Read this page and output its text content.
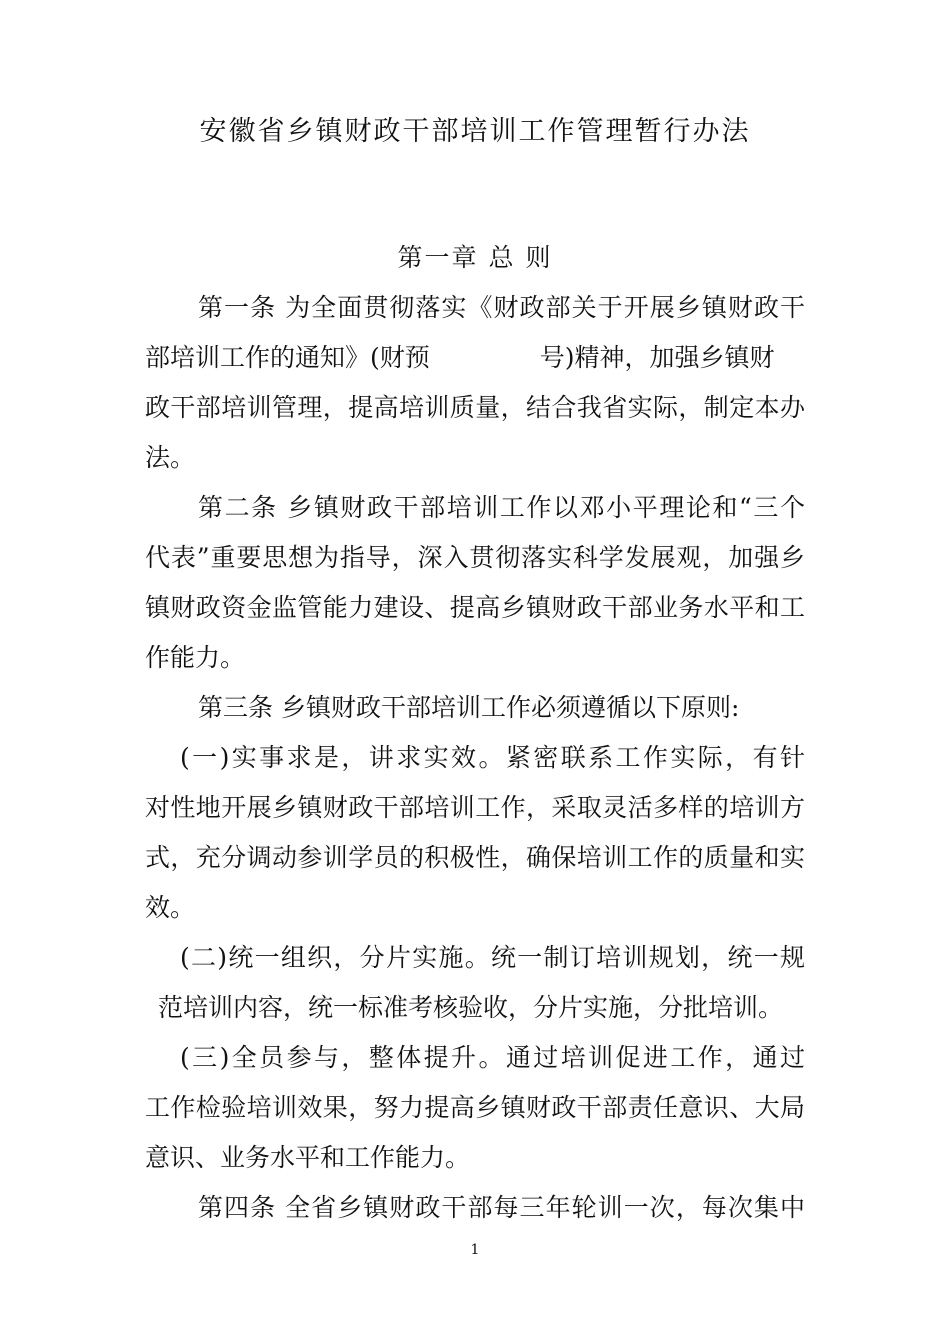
安徽省乡镇财政干部培训工作管理暂行办法
第一章 总 则
第一条 为全面贯彻落实《财政部关于开展乡镇财政干
部培训工作的通知》(财预	号)精神，加强乡镇财
政干部培训管理，提高培训质量，结合我省实际，制定本办
法。
第二条 乡镇财政干部培训工作以邓小平理论和“三个
代表”重要思想为指导，深入贯彻落实科学发展观，加强乡
镇财政资金监管能力建设、提高乡镇财政干部业务水平和工
作能力。
第三条 乡镇财政干部培训工作必须遵循以下原则:
(一)实事求是，讲求实效。紧密联系工作实际，有针
对性地开展乡镇财政干部培训工作，采取灵活多样的培训方
式，充分调动参训学员的积极性，确保培训工作的质量和实
效。
(二)统一组织，分片实施。统一制订培训规划，统一规
范培训内容，统一标准考核验收，分片实施，分批培训。
(三)全员参与，整体提升。通过培训促进工作，通过
工作检验培训效果，努力提高乡镇财政干部责任意识、大局
意识、业务水平和工作能力。
第四条 全省乡镇财政干部每三年轮训一次，每次集中
1
